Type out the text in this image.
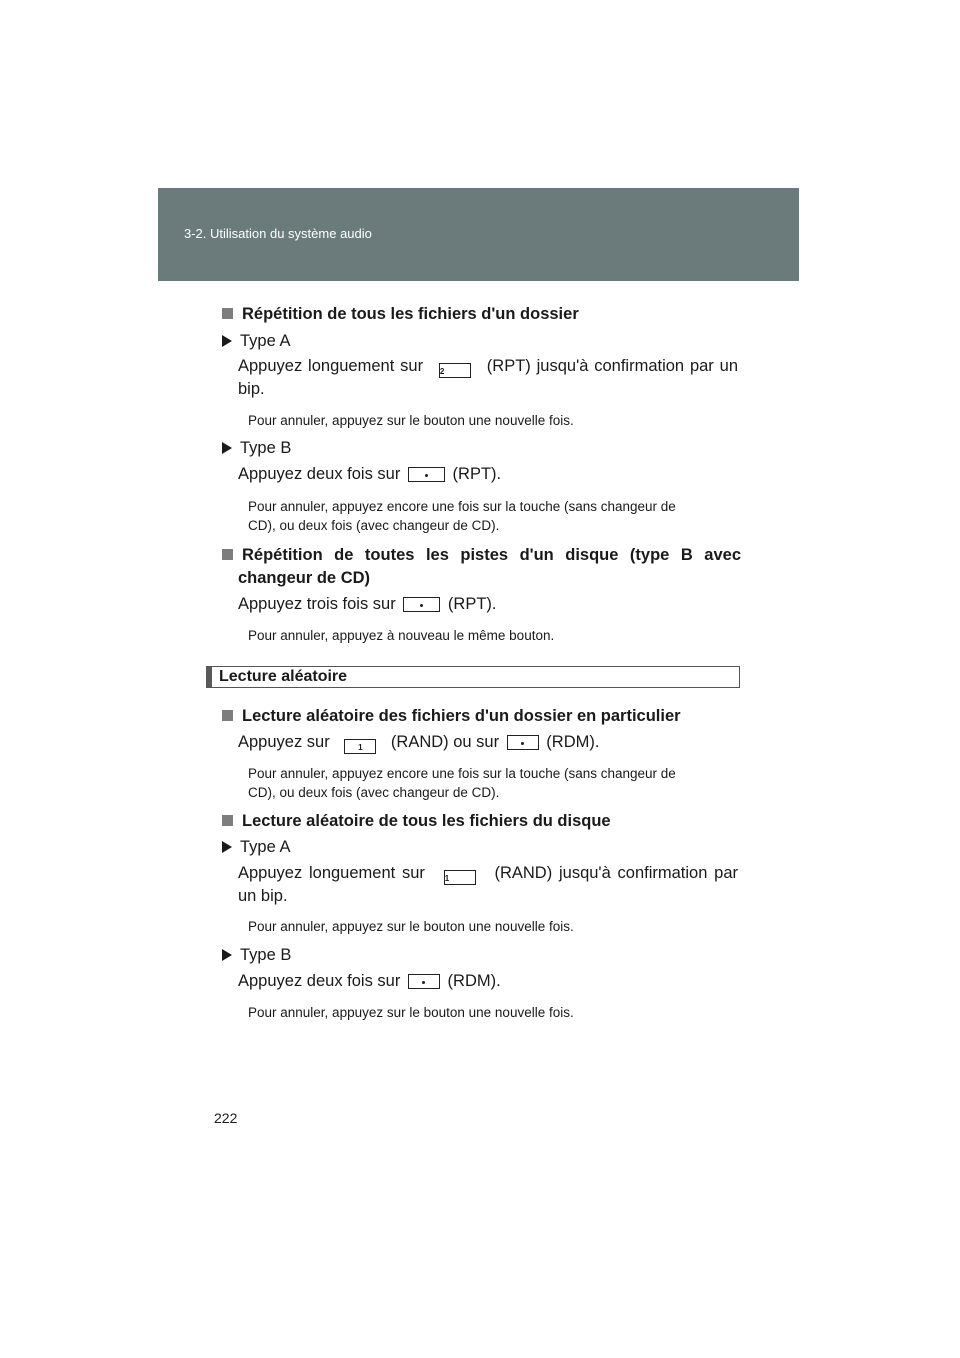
3-2. Utilisation du système audio
Répétition de tous les fichiers d'un dossier
Type A
Appuyez longuement sur 2	(RPT) jusqu'à confirmation par un bip.
Pour annuler, appuyez sur le bouton une nouvelle fois.
Type B
Appuyez deux fois sur	(RPT).
Pour annuler, appuyez encore une fois sur la touche (sans changeur de
CD), ou deux fois (avec changeur de CD).
Répétition de toutes les pistes d'un disque (type B avec
changeur de CD)
Appuyez trois fois sur	(RPT).
Pour annuler, appuyez à nouveau le même bouton.
Lecture aléatoire
Lecture aléatoire des fichiers d'un dossier en particulier
Appuyez sur	1 (RAND) ou sur	(RDM).
Pour annuler, appuyez encore une fois sur la touche (sans changeur de
CD), ou deux fois (avec changeur de CD).
Lecture aléatoire de tous les fichiers du disque
Type A
Appuyez longuement sur 1	(RAND) jusqu'à confirmation par un bip.
Pour annuler, appuyez sur le bouton une nouvelle fois.
Type B
Appuyez deux fois sur	(RDM).
Pour annuler, appuyez sur le bouton une nouvelle fois.
222
